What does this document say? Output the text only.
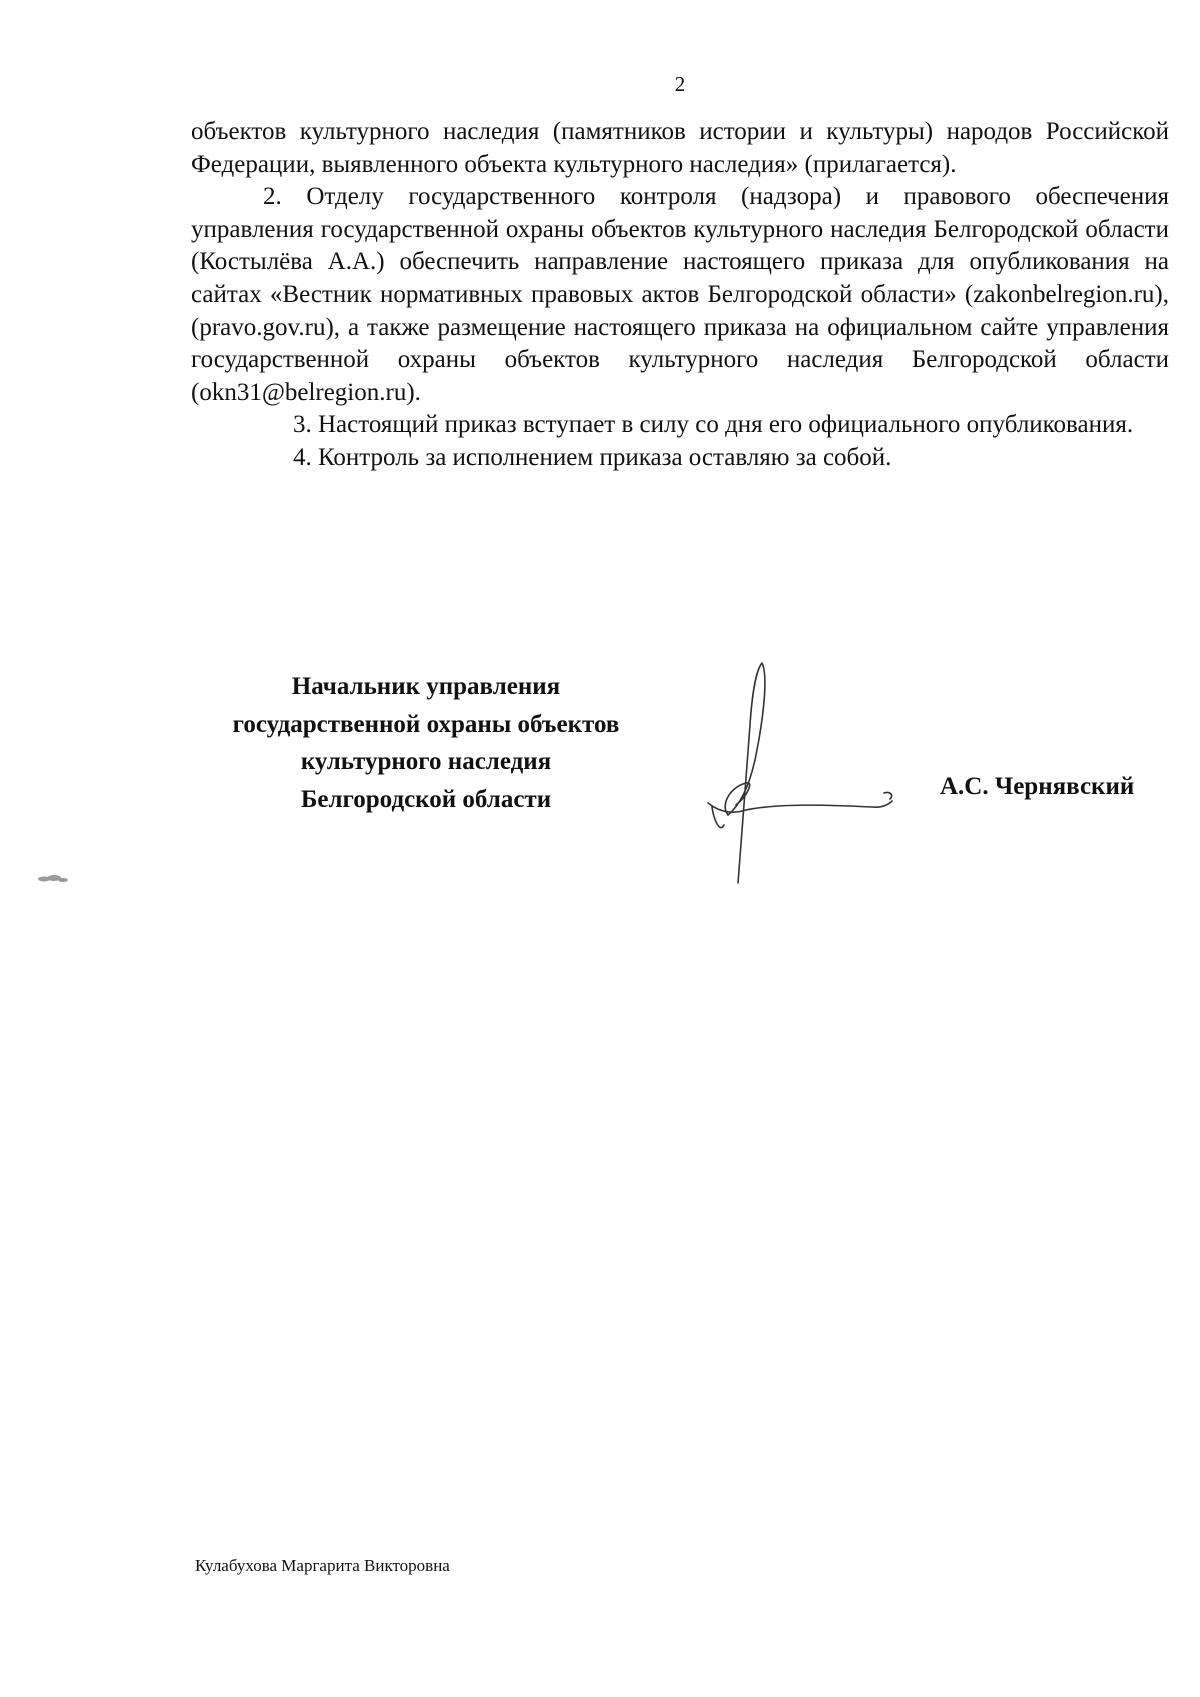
2

объектов культурного наследия (памятников истории и культуры) народов Российской Федерации, выявленного объекта культурного наследия» (прилагается).

2. Отделу государственного контроля (надзора) и правового обеспечения управления государственной охраны объектов культурного наследия Белгородской области (Костылёва А.А.) обеспечить направление настоящего приказа для опубликования на сайтах «Вестник нормативных правовых актов Белгородской области» (zakonbelregion.ru), (pravo.gov.ru), а также размещение настоящего приказа на официальном сайте управления государственной охраны объектов культурного наследия Белгородской области (okn31@belregion.ru).

3. Настоящий приказ вступает в силу со дня его официального опубликования.

4. Контроль за исполнением приказа оставляю за собой.

Начальник управления
государственной охраны объектов
культурного наследия
Белгородской области	А.С. Чернявский
Кулабухова Маргарита Викторовна
